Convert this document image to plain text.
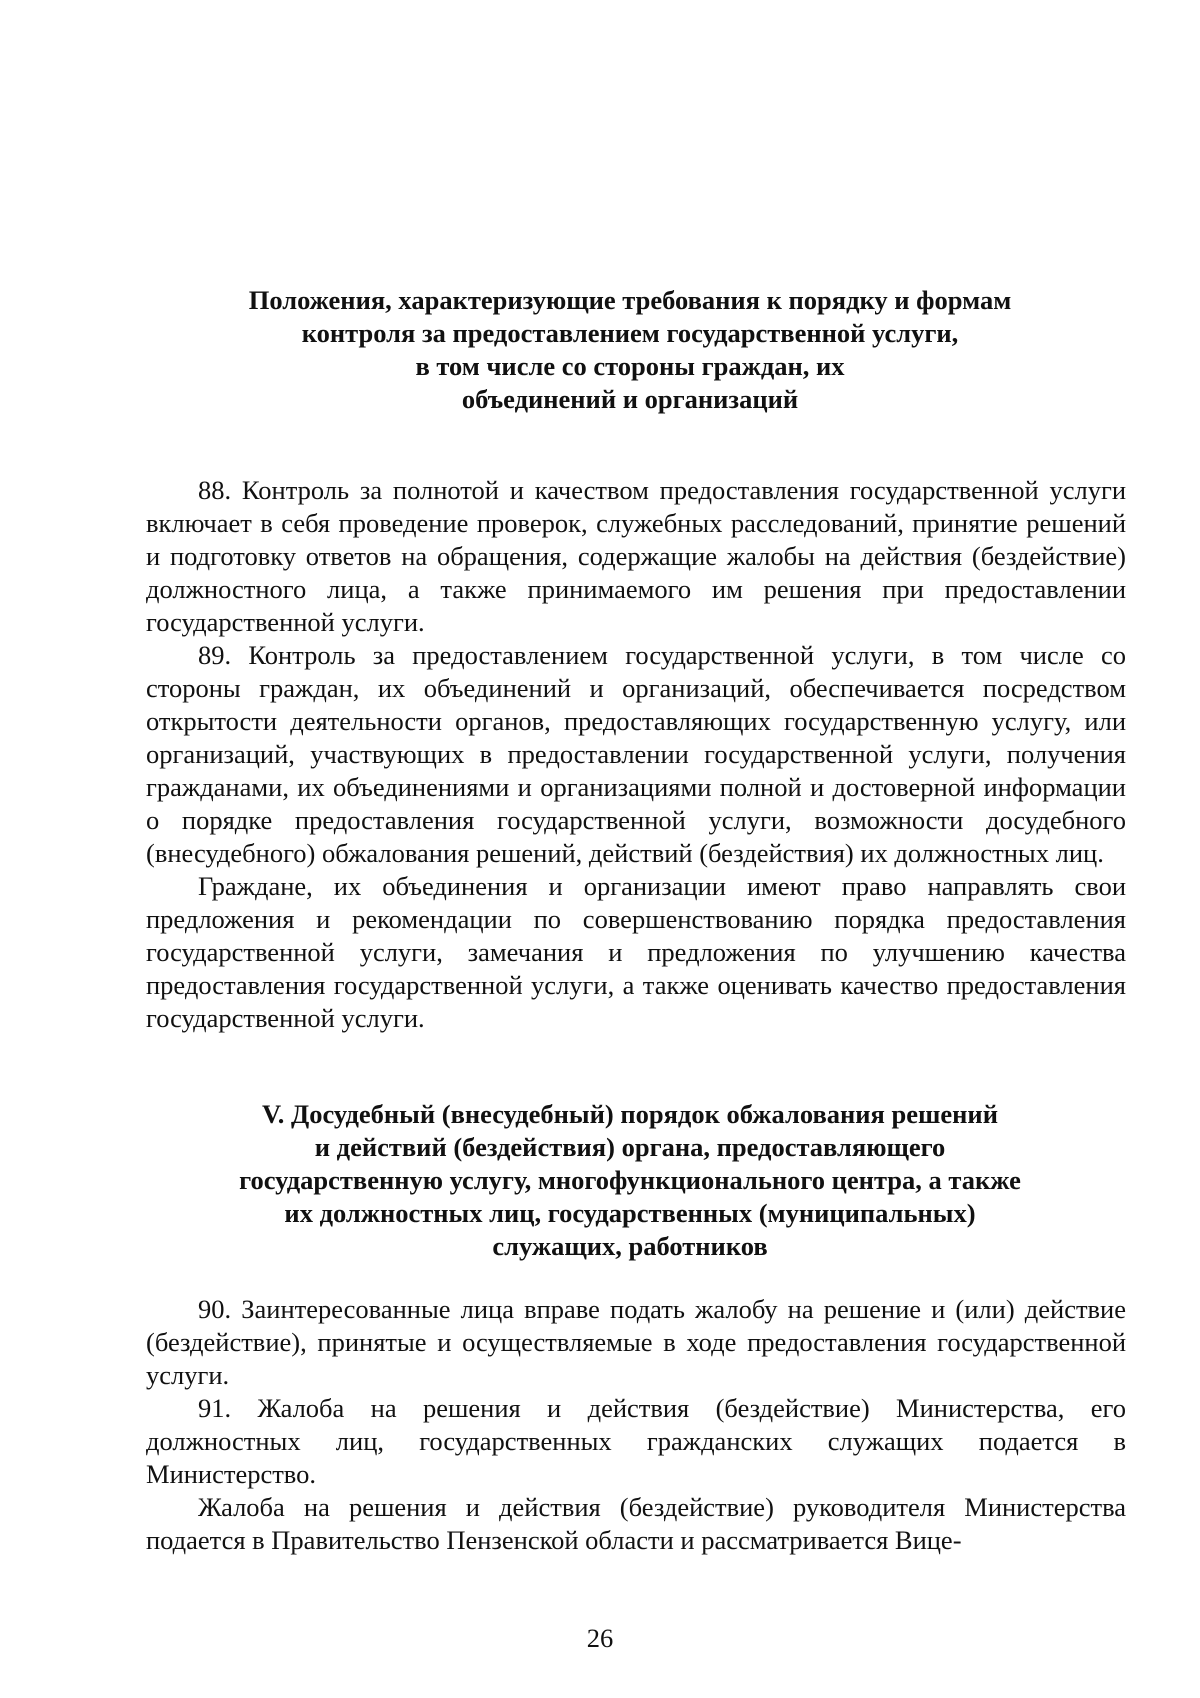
Положения, характеризующие требования к порядку и формам
контроля за предоставлением государственной услуги,
в том числе со стороны граждан, их
объединений и организаций

88. Контроль за полнотой и качеством предоставления государственной услуги включает в себя проведение проверок, служебных расследований, принятие решений и подготовку ответов на обращения, содержащие жалобы на действия (бездействие) должностного лица, а также принимаемого им решения при предоставлении государственной услуги.

89. Контроль за предоставлением государственной услуги, в том числе со стороны граждан, их объединений и организаций, обеспечивается посредством открытости деятельности органов, предоставляющих государственную услугу, или организаций, участвующих в предоставлении государственной услуги, получения гражданами, их объединениями и организациями полной и достоверной информации о порядке предоставления государственной услуги, возможности досудебного (внесудебного) обжалования решений, действий (бездействия) их должностных лиц.

Граждане, их объединения и организации имеют право направлять свои предложения и рекомендации по совершенствованию порядка предоставления государственной услуги, замечания и предложения по улучшению качества предоставления государственной услуги, а также оценивать качество предоставления государственной услуги.

V. Досудебный (внесудебный) порядок обжалования решений
и действий (бездействия) органа, предоставляющего
государственную услугу, многофункционального центра, а также
их должностных лиц, государственных (муниципальных)
служащих, работников

90. Заинтересованные лица вправе подать жалобу на решение и (или) действие (бездействие), принятые и осуществляемые в ходе предоставления государственной услуги.

91. Жалоба на решения и действия (бездействие) Министерства, его должностных лиц, государственных гражданских служащих подается в Министерство.

Жалоба на решения и действия (бездействие) руководителя Министерства подается в Правительство Пензенской области и рассматривается Вице-

26
